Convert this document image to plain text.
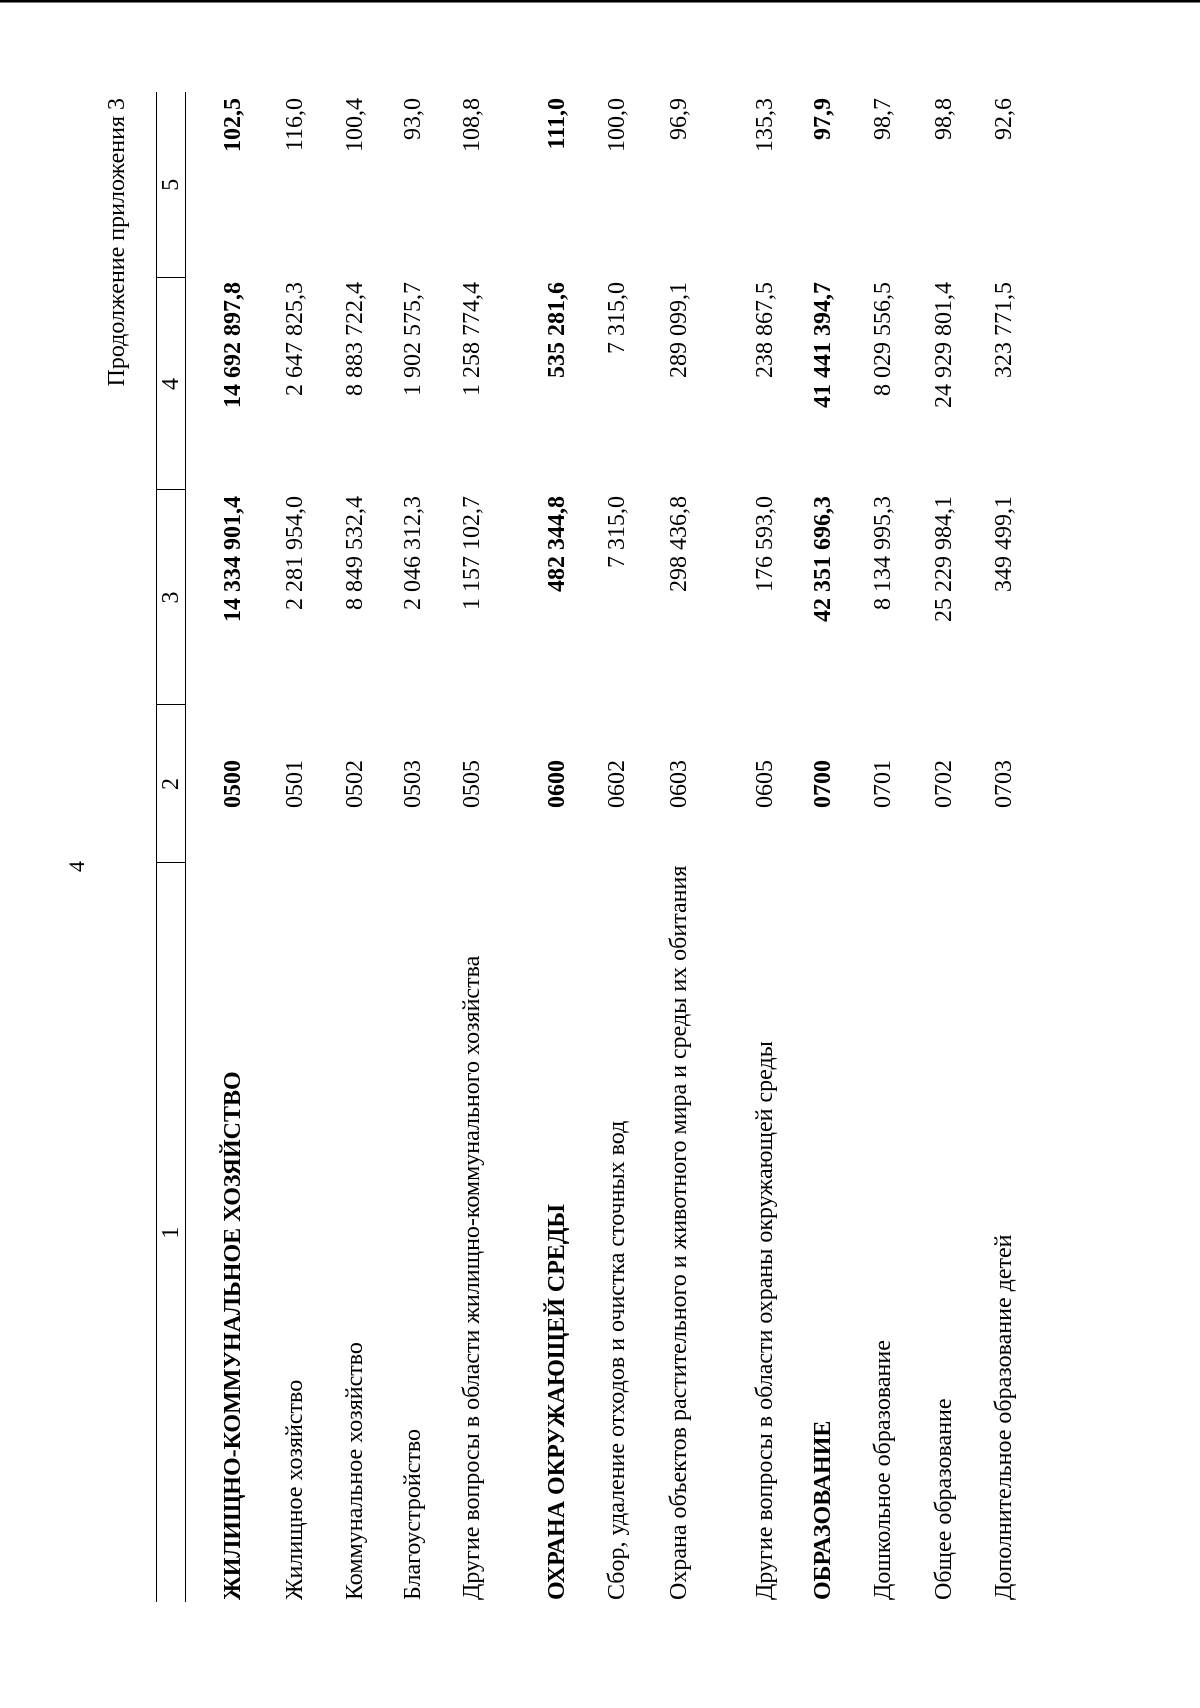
4
Продолжение приложения 3
1	2	3	4	5
ЖИЛИЩНО-КОММУНАЛЬНОЕ ХОЗЯЙСТВО	0500	14 334 901,4	14 692 897,8	102,5
Жилищное хозяйство	0501	2 281 954,0	2 647 825,3	116,0
Коммунальное хозяйство	0502	8 849 532,4	8 883 722,4	100,4
Благоустройство	0503	2 046 312,3	1 902 575,7	93,0
Другие вопросы в области жилищно-коммунального хозяйства	0505	1 157 102,7	1 258 774,4	108,8
ОХРАНА ОКРУЖАЮЩЕЙ СРЕДЫ	0600	482 344,8	535 281,6	111,0
Сбор, удаление отходов и очистка сточных вод	0602	7 315,0	7 315,0	100,0
Охрана объектов растительного и животного мира и среды их обитания	0603	298 436,8	289 099,1	96,9
Другие вопросы в области охраны окружающей среды	0605	176 593,0	238 867,5	135,3
ОБРАЗОВАНИЕ	0700	42 351 696,3	41 441 394,7	97,9
Дошкольное образование	0701	8 134 995,3	8 029 556,5	98,7
Общее образование	0702	25 229 984,1	24 929 801,4	98,8
Дополнительное образование детей	0703	349 499,1	323 771,5	92,6
